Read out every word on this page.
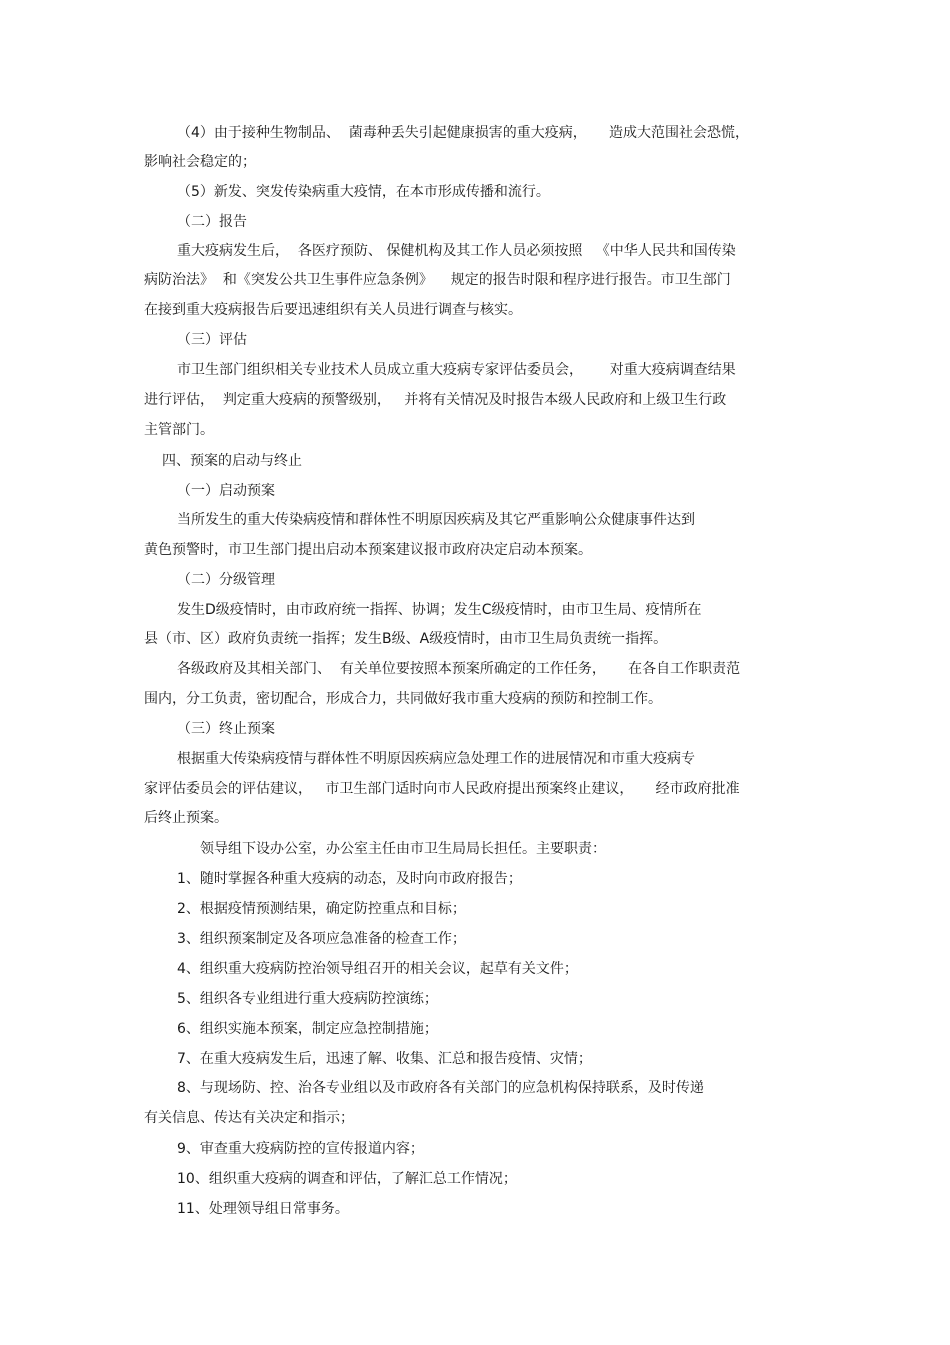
（4）由于接种生物制品、  菌毒种丢失引起健康损害的重大疫病，     造成大范围社会恐慌，
影响社会稳定的；
（5）新发、突发传染病重大疫情，在本市形成传播和流行。
（二）报告
重大疫病发生后，  各医疗预防、 保健机构及其工作人员必须按照   《中华人民共和国传染
病防治法》  和《突发公共卫生事件应急条例》    规定的报告时限和程序进行报告。市卫生部门
在接到重大疫病报告后要迅速组织有关人员进行调查与核实。
（三）评估
市卫生部门组织相关专业技术人员成立重大疫病专家评估委员会，      对重大疫病调查结果
进行评估，  判定重大疫病的预警级别，   并将有关情况及时报告本级人民政府和上级卫生行政
主管部门。
四、预案的启动与终止
（一）启动预案
当所发生的重大传染病疫情和群体性不明原因疾病及其它严重影响公众健康事件达到
黄色预警时，市卫生部门提出启动本预案建议报市政府决定启动本预案。
（二）分级管理
发生D级疫情时，由市政府统一指挥、协调；发生C级疫情时，由市卫生局、疫情所在
县（市、区）政府负责统一指挥；发生B级、A级疫情时，由市卫生局负责统一指挥。
各级政府及其相关部门、  有关单位要按照本预案所确定的工作任务，     在各自工作职责范
围内，分工负责，密切配合，形成合力，共同做好我市重大疫病的预防和控制工作。
（三）终止预案
根据重大传染病疫情与群体性不明原因疾病应急处理工作的进展情况和市重大疫病专
家评估委员会的评估建议，   市卫生部门适时向市人民政府提出预案终止建议，     经市政府批准
后终止预案。
领导组下设办公室，办公室主任由市卫生局局长担任。主要职责：
1、随时掌握各种重大疫病的动态，及时向市政府报告；
2、根据疫情预测结果，确定防控重点和目标；
3、组织预案制定及各项应急准备的检查工作；
4、组织重大疫病防控治领导组召开的相关会议，起草有关文件；
5、组织各专业组进行重大疫病防控演练；
6、组织实施本预案，制定应急控制措施；
7、在重大疫病发生后，迅速了解、收集、汇总和报告疫情、灾情；
8、与现场防、控、治各专业组以及市政府各有关部门的应急机构保持联系，及时传递
有关信息、传达有关决定和指示；
9、审查重大疫病防控的宣传报道内容；
10、组织重大疫病的调查和评估，了解汇总工作情况；
11、处理领导组日常事务。
